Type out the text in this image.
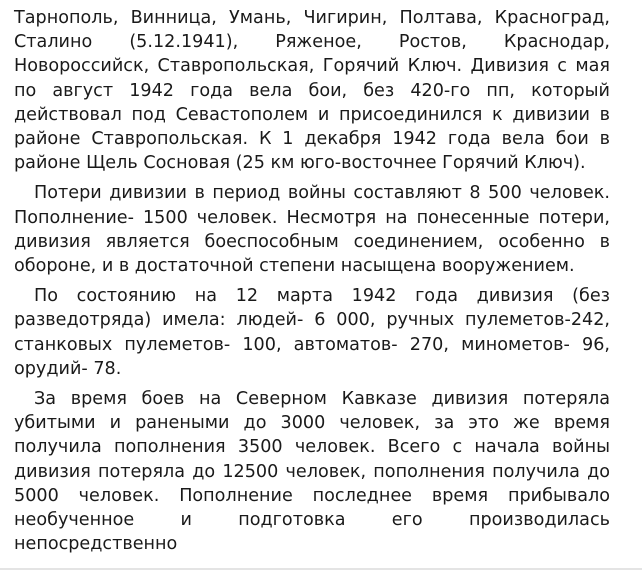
Тарнополь, Винница, Умань, Чигирин, Полтава, Красноград, Сталино (5.12.1941), Ряженое, Ростов, Краснодар, Новороссийск, Ставропольская, Горячий Ключ. Дивизия с мая по август 1942 года вела бои, без 420-го пп, который действовал под Севастополем и присоединился к дивизии в районе Ставропольская. К 1 декабря 1942 года вела бои в районе Щель Сосновая (25 км юго-восточнее Горячий Ключ).

Потери дивизии в период войны составляют 8 500 человек. Пополнение- 1500 человек. Несмотря на понесенные потери, дивизия является боеспособным соединением, особенно в обороне, и в достаточной степени насыщена вооружением.

По состоянию на 12 марта 1942 года дивизия (без разведотряда) имела: людей- 6 000, ручных пулеметов-242, станковых пулеметов- 100, автоматов- 270, минометов- 96, орудий- 78.

За время боев на Северном Кавказе дивизия потеряла убитыми и ранеными до 3000 человек, за это же время получила пополнения 3500 человек. Всего с начала войны дивизия потеряла до 12500 человек, пополнения получила до 5000 человек. Пополнение последнее время прибывало необученное и подготовка его производилась непосредственно
